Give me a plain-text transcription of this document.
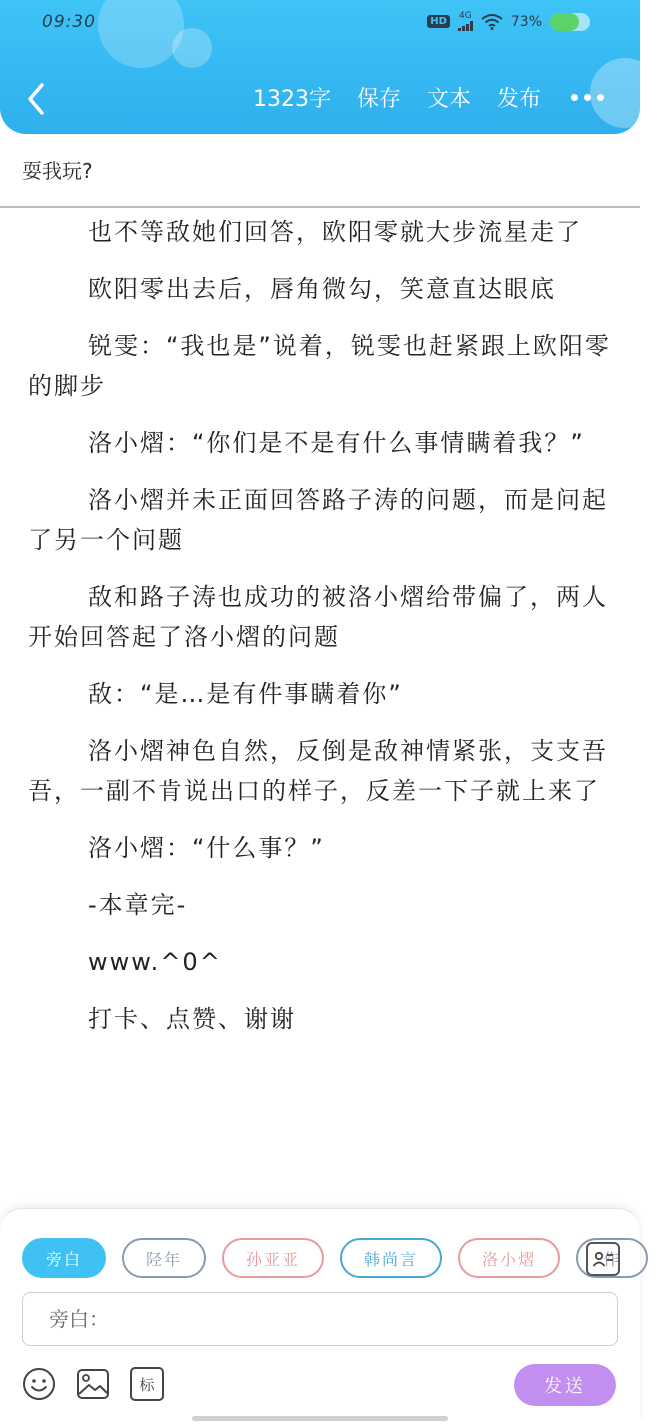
09:30	HD	4G	73%
1323字 保存 文本 发布
耍我玩?

也不等敌她们回答，欧阳零就大步流星走了

欧阳零出去后，唇角微勾，笑意直达眼底

锐雯：“我也是”说着，锐雯也赶紧跟上欧阳零的脚步

洛小熠：“你们是不是有什么事情瞒着我？”

洛小熠并未正面回答路子涛的问题，而是问起了另一个问题

敌和路子涛也成功的被洛小熠给带偏了，两人开始回答起了洛小熠的问题

敌：“是…是有件事瞒着你”

洛小熠神色自然，反倒是敌神情紧张，支支吾吾，一副不肯说出口的样子，反差一下子就上来了

洛小熠：“什么事？”

-本章完-

www.^0^

打卡、点赞、谢谢

旁白	陉年	孙亚亚	韩尚言	洛小熠	作
旁白：
标	发送
